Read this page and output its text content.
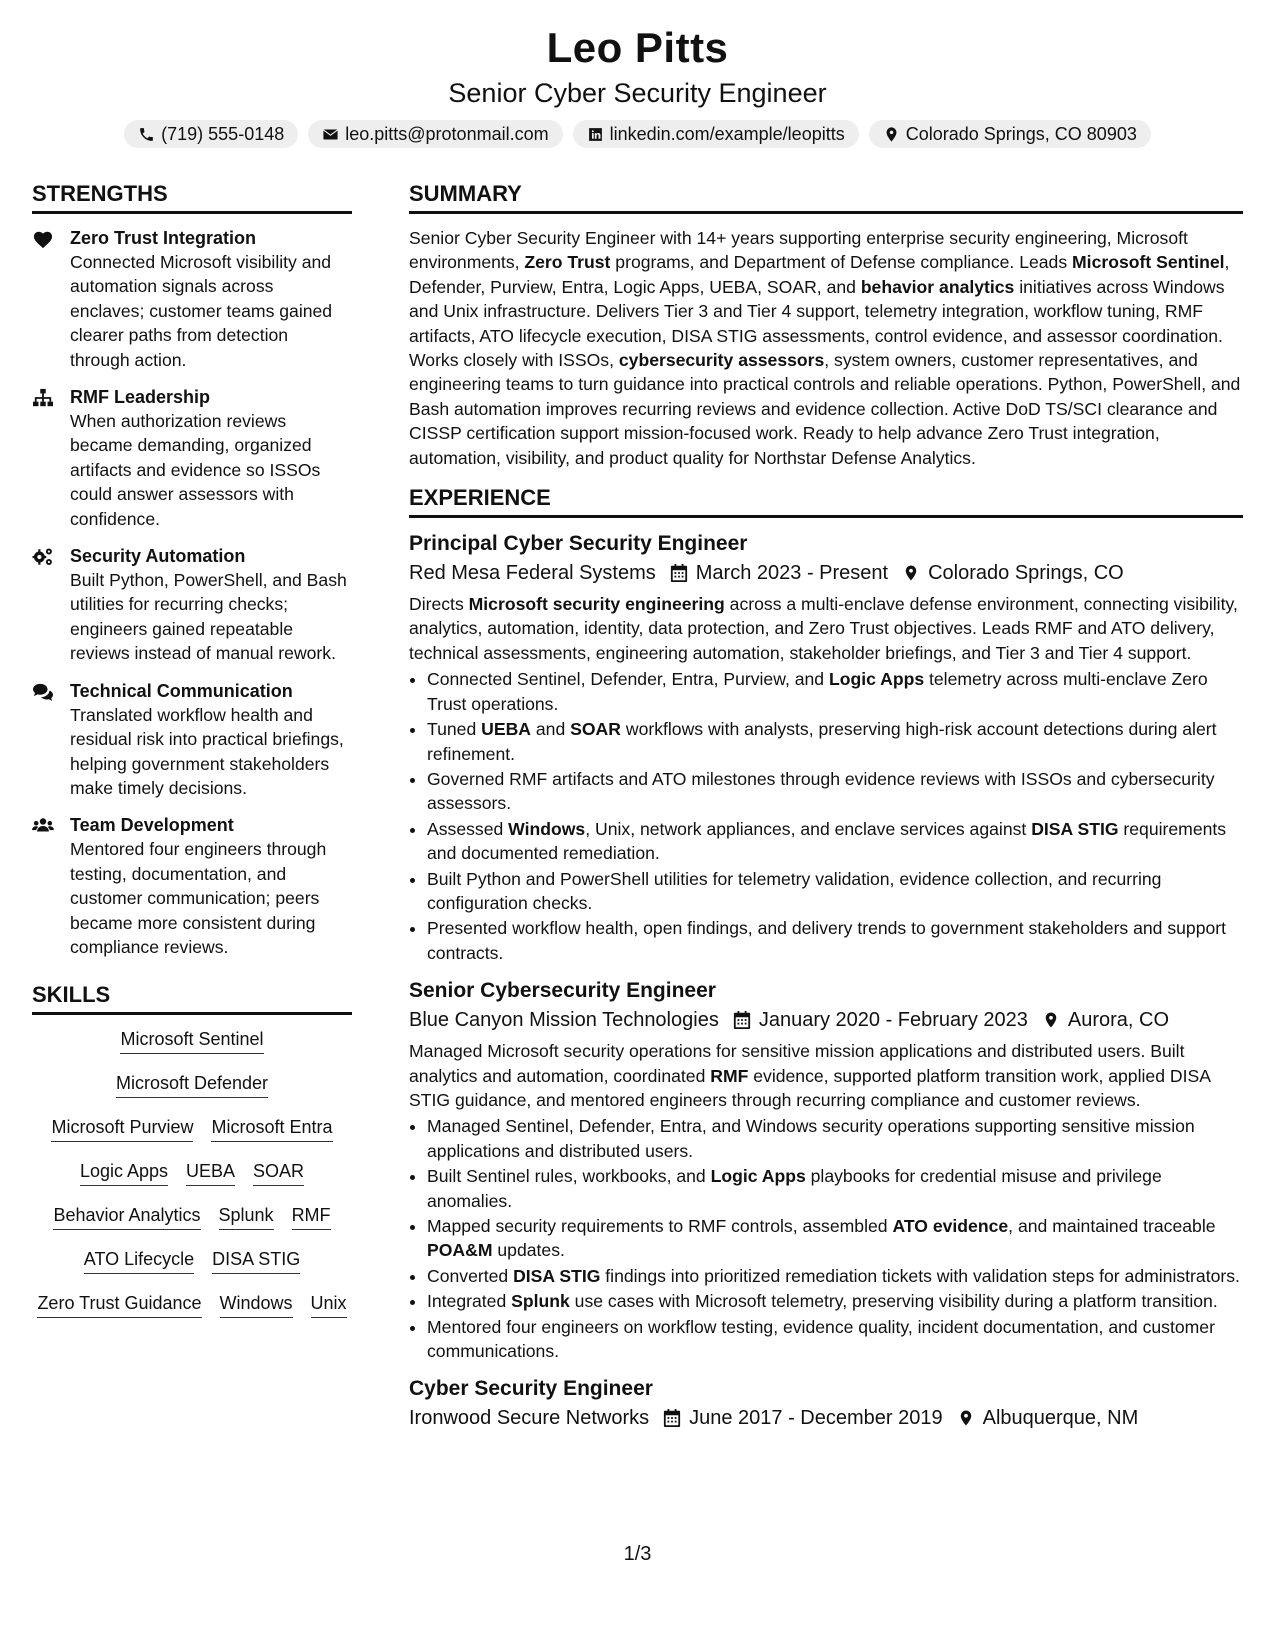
Leo Pitts
Senior Cyber Security Engineer
(719) 555-0148	leo.pitts@protonmail.com	linkedin.com/example/leopitts	Colorado Springs, CO 80903
STRENGTHS
Zero Trust Integration
Connected Microsoft visibility and automation signals across enclaves; customer teams gained clearer paths from detection through action.
RMF Leadership
When authorization reviews became demanding, organized artifacts and evidence so ISSOs could answer assessors with confidence.
Security Automation
Built Python, PowerShell, and Bash utilities for recurring checks; engineers gained repeatable reviews instead of manual rework.
Technical Communication
Translated workflow health and residual risk into practical briefings, helping government stakeholders make timely decisions.
Team Development
Mentored four engineers through testing, documentation, and customer communication; peers became more consistent during compliance reviews.
SKILLS
Microsoft Sentinel
Microsoft Defender
Microsoft Purview Microsoft Entra
Logic Apps UEBA SOAR
Behavior Analytics Splunk RMF
ATO Lifecycle DISA STIG
Zero Trust Guidance Windows Unix
SUMMARY
Senior Cyber Security Engineer with 14+ years supporting enterprise security engineering, Microsoft environments, Zero Trust programs, and Department of Defense compliance. Leads Microsoft Sentinel, Defender, Purview, Entra, Logic Apps, UEBA, SOAR, and behavior analytics initiatives across Windows and Unix infrastructure. Delivers Tier 3 and Tier 4 support, telemetry integration, workflow tuning, RMF artifacts, ATO lifecycle execution, DISA STIG assessments, control evidence, and assessor coordination. Works closely with ISSOs, cybersecurity assessors, system owners, customer representatives, and engineering teams to turn guidance into practical controls and reliable operations. Python, PowerShell, and Bash automation improves recurring reviews and evidence collection. Active DoD TS/SCI clearance and CISSP certification support mission-focused work. Ready to help advance Zero Trust integration, automation, visibility, and product quality for Northstar Defense Analytics.
EXPERIENCE
Principal Cyber Security Engineer
Red Mesa Federal Systems March 2023 - Present Colorado Springs, CO
Directs Microsoft security engineering across a multi-enclave defense environment, connecting visibility, analytics, automation, identity, data protection, and Zero Trust objectives. Leads RMF and ATO delivery, technical assessments, engineering automation, stakeholder briefings, and Tier 3 and Tier 4 support.
• Connected Sentinel, Defender, Entra, Purview, and Logic Apps telemetry across multi-enclave Zero Trust operations.
• Tuned UEBA and SOAR workflows with analysts, preserving high-risk account detections during alert refinement.
• Governed RMF artifacts and ATO milestones through evidence reviews with ISSOs and cybersecurity assessors.
• Assessed Windows, Unix, network appliances, and enclave services against DISA STIG requirements and documented remediation.
• Built Python and PowerShell utilities for telemetry validation, evidence collection, and recurring configuration checks.
• Presented workflow health, open findings, and delivery trends to government stakeholders and support contracts.
Senior Cybersecurity Engineer
Blue Canyon Mission Technologies January 2020 - February 2023 Aurora, CO
Managed Microsoft security operations for sensitive mission applications and distributed users. Built analytics and automation, coordinated RMF evidence, supported platform transition work, applied DISA STIG guidance, and mentored engineers through recurring compliance and customer reviews.
• Managed Sentinel, Defender, Entra, and Windows security operations supporting sensitive mission applications and distributed users.
• Built Sentinel rules, workbooks, and Logic Apps playbooks for credential misuse and privilege anomalies.
• Mapped security requirements to RMF controls, assembled ATO evidence, and maintained traceable POA&M updates.
• Converted DISA STIG findings into prioritized remediation tickets with validation steps for administrators.
• Integrated Splunk use cases with Microsoft telemetry, preserving visibility during a platform transition.
• Mentored four engineers on workflow testing, evidence quality, incident documentation, and customer communications.
Cyber Security Engineer
Ironwood Secure Networks June 2017 - December 2019 Albuquerque, NM
1/3
